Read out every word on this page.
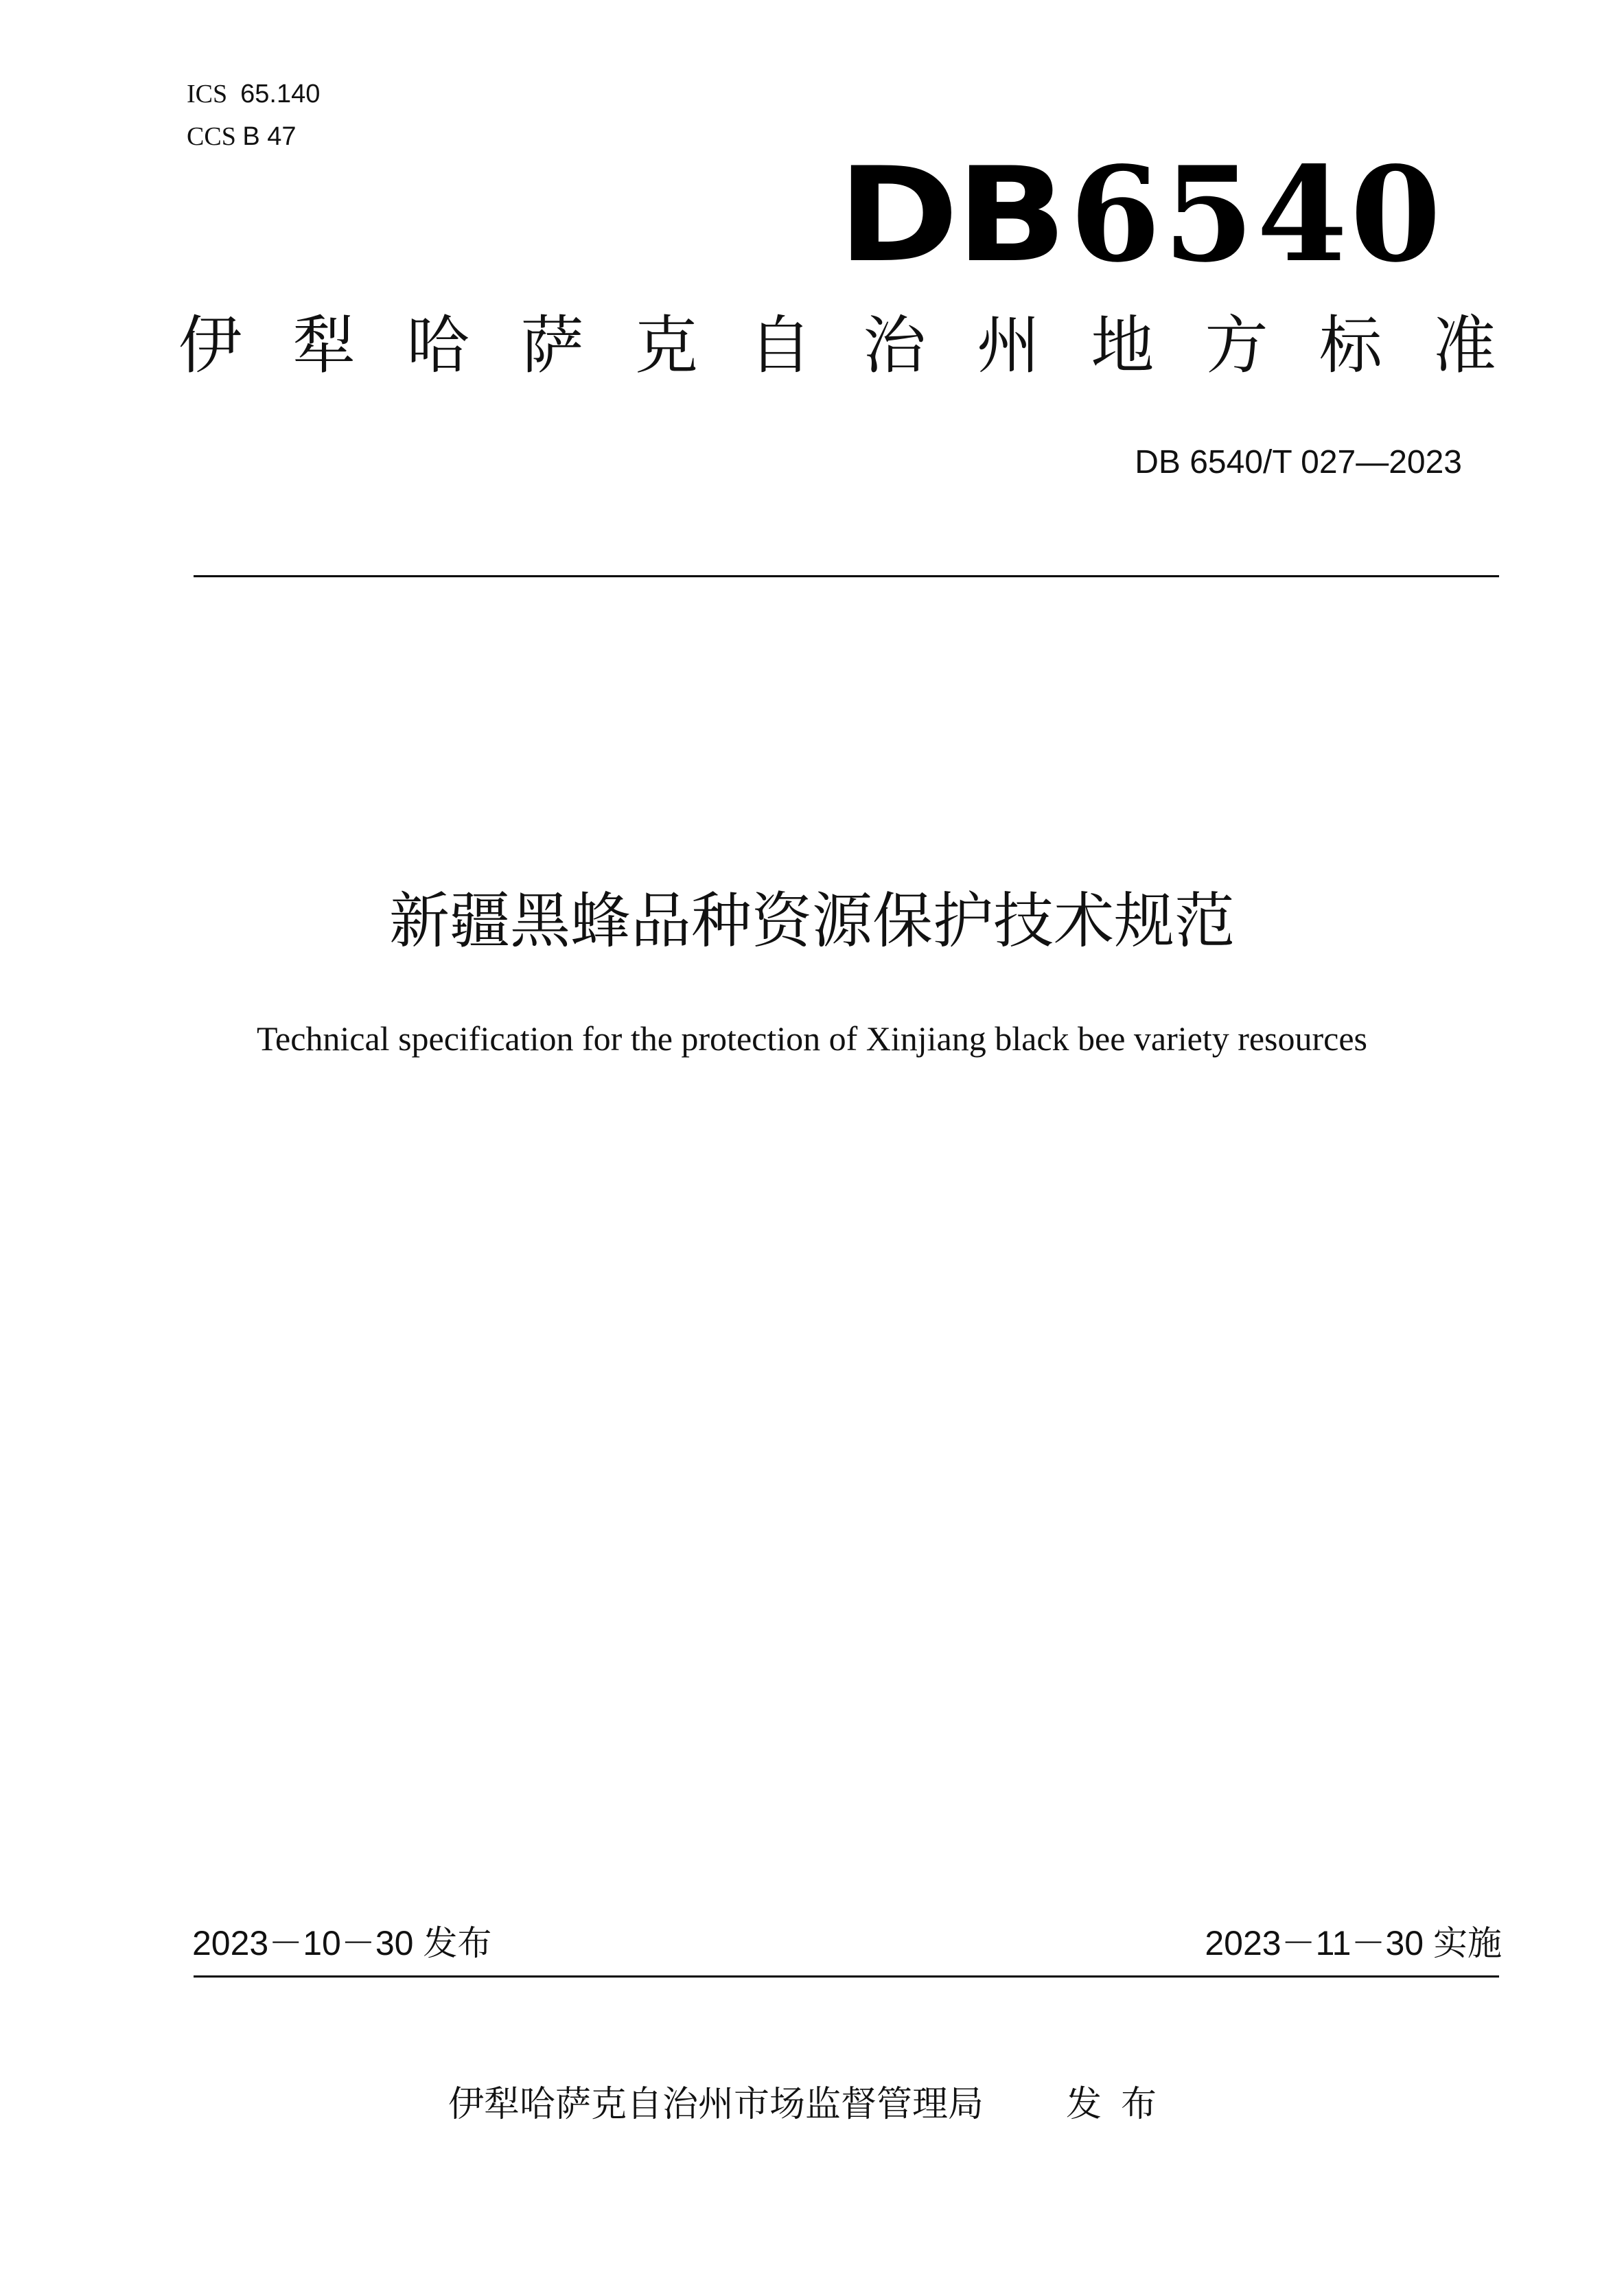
ICS 65.140
CCS B 47
DB6540
伊 犁 哈 萨 克 自 治 州 地 方 标 准
DB 6540/T 027—2023
新疆黑蜂品种资源保护技术规范
Technical specification for the protection of Xinjiang black bee variety resources
2023－10－30 发布	2023－11－30 实施
伊犁哈萨克自治州市场监督管理局 发布
